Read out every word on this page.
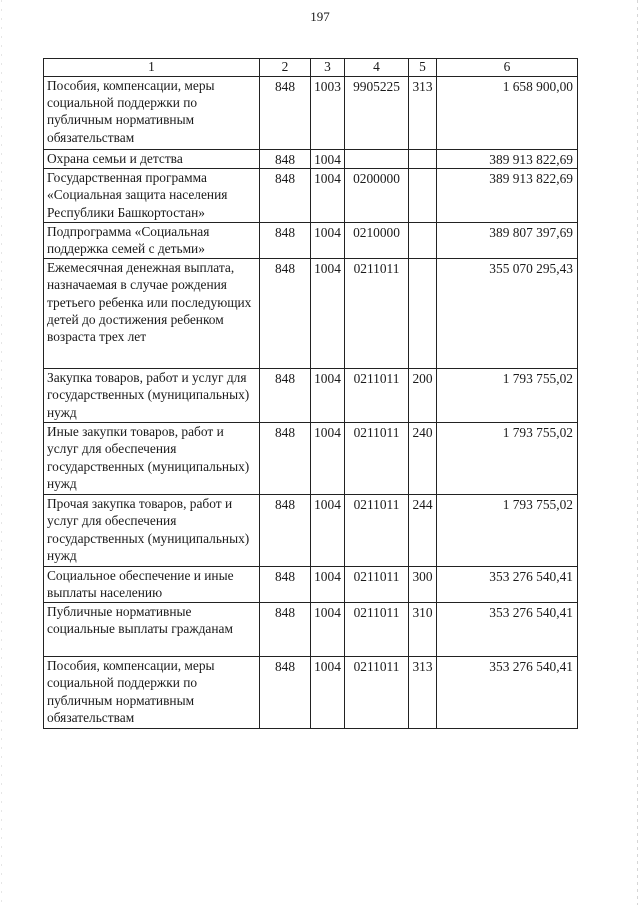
197
1	2	3	4	5	6
Пособия, компенсации, меры социальной поддержки по публичным нормативным обязательствам	848	1003	9905225	313	1 658 900,00
Охрана семьи и детства	848	1004			389 913 822,69
Государственная программа «Социальная защита населения Республики Башкортостан»	848	1004	0200000		389 913 822,69
Подпрограмма «Социальная поддержка семей с детьми»	848	1004	0210000		389 807 397,69
Ежемесячная денежная выплата, назначаемая в случае рождения третьего ребенка или последующих детей до достижения ребенком возраста трех лет	848	1004	0211011		355 070 295,43
Закупка товаров, работ и услуг для государственных (муниципальных) нужд	848	1004	0211011	200	1 793 755,02
Иные закупки товаров, работ и услуг для обеспечения государственных (муниципальных) нужд	848	1004	0211011	240	1 793 755,02
Прочая закупка товаров, работ и услуг для обеспечения государственных (муниципальных) нужд	848	1004	0211011	244	1 793 755,02
Социальное обеспечение и иные выплаты населению	848	1004	0211011	300	353 276 540,41
Публичные нормативные социальные выплаты гражданам	848	1004	0211011	310	353 276 540,41
Пособия, компенсации, меры социальной поддержки по публичным нормативным обязательствам	848	1004	0211011	313	353 276 540,41
